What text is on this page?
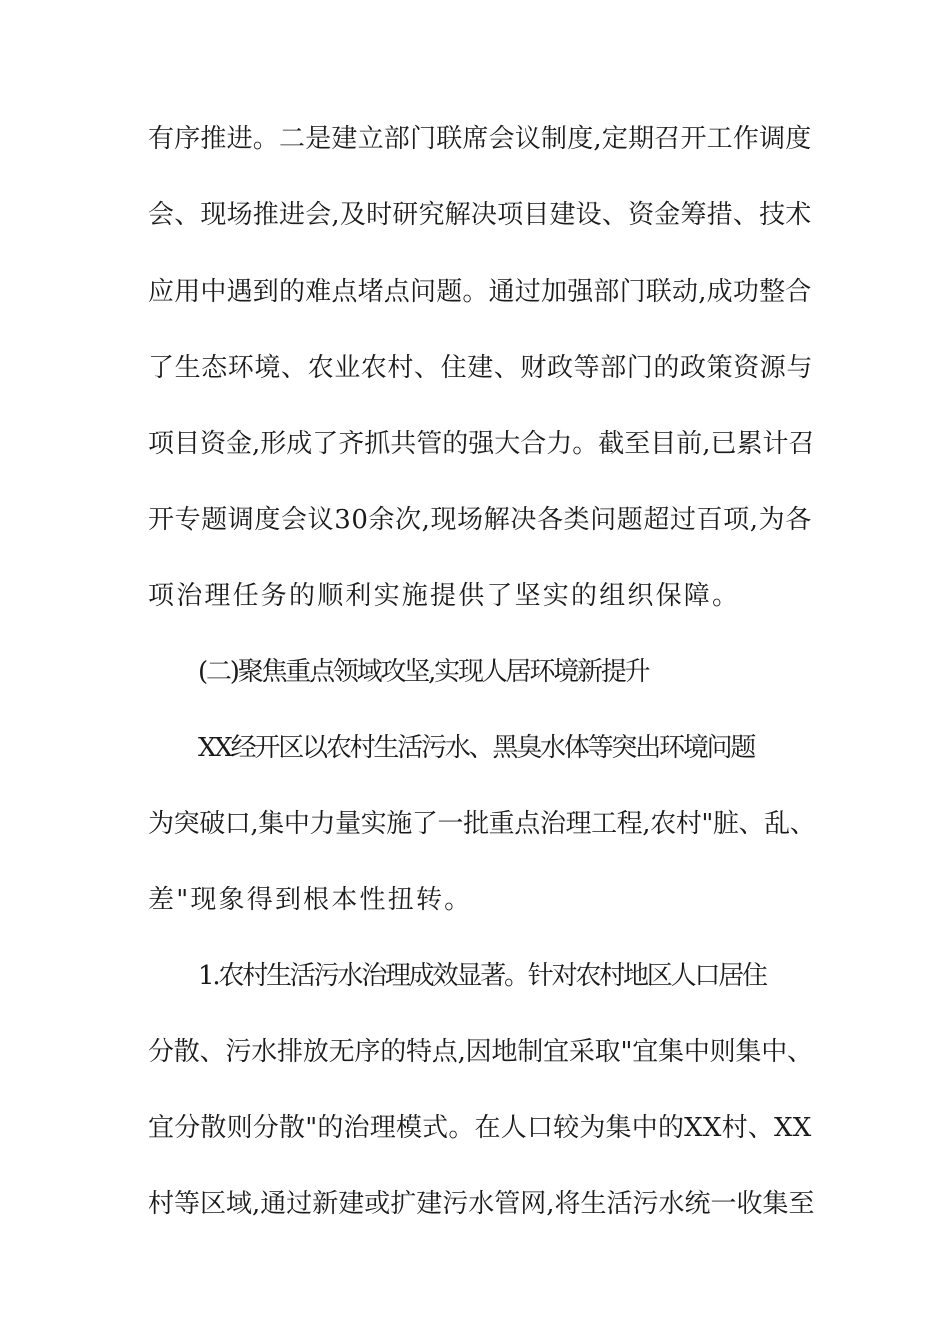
有序推进。二是建立部门联席会议制度,定期召开工作调度
会、现场推进会,及时研究解决项目建设、资金筹措、技术
应用中遇到的难点堵点问题。通过加强部门联动,成功整合
了生态环境、农业农村、住建、财政等部门的政策资源与
项目资金,形成了齐抓共管的强大合力。截至目前,已累计召
开专题调度会议30余次,现场解决各类问题超过百项,为各
项治理任务的顺利实施提供了坚实的组织保障。
(二)聚焦重点领域攻坚,实现人居环境新提升
XX经开区以农村生活污水、黑臭水体等突出环境问题
为突破口,集中力量实施了一批重点治理工程,农村"脏、乱、
差"现象得到根本性扭转。
1.农村生活污水治理成效显著。针对农村地区人口居住
分散、污水排放无序的特点,因地制宜采取"宜集中则集中、
宜分散则分散"的治理模式。在人口较为集中的XX村、XX
村等区域,通过新建或扩建污水管网,将生活污水统一收集至
